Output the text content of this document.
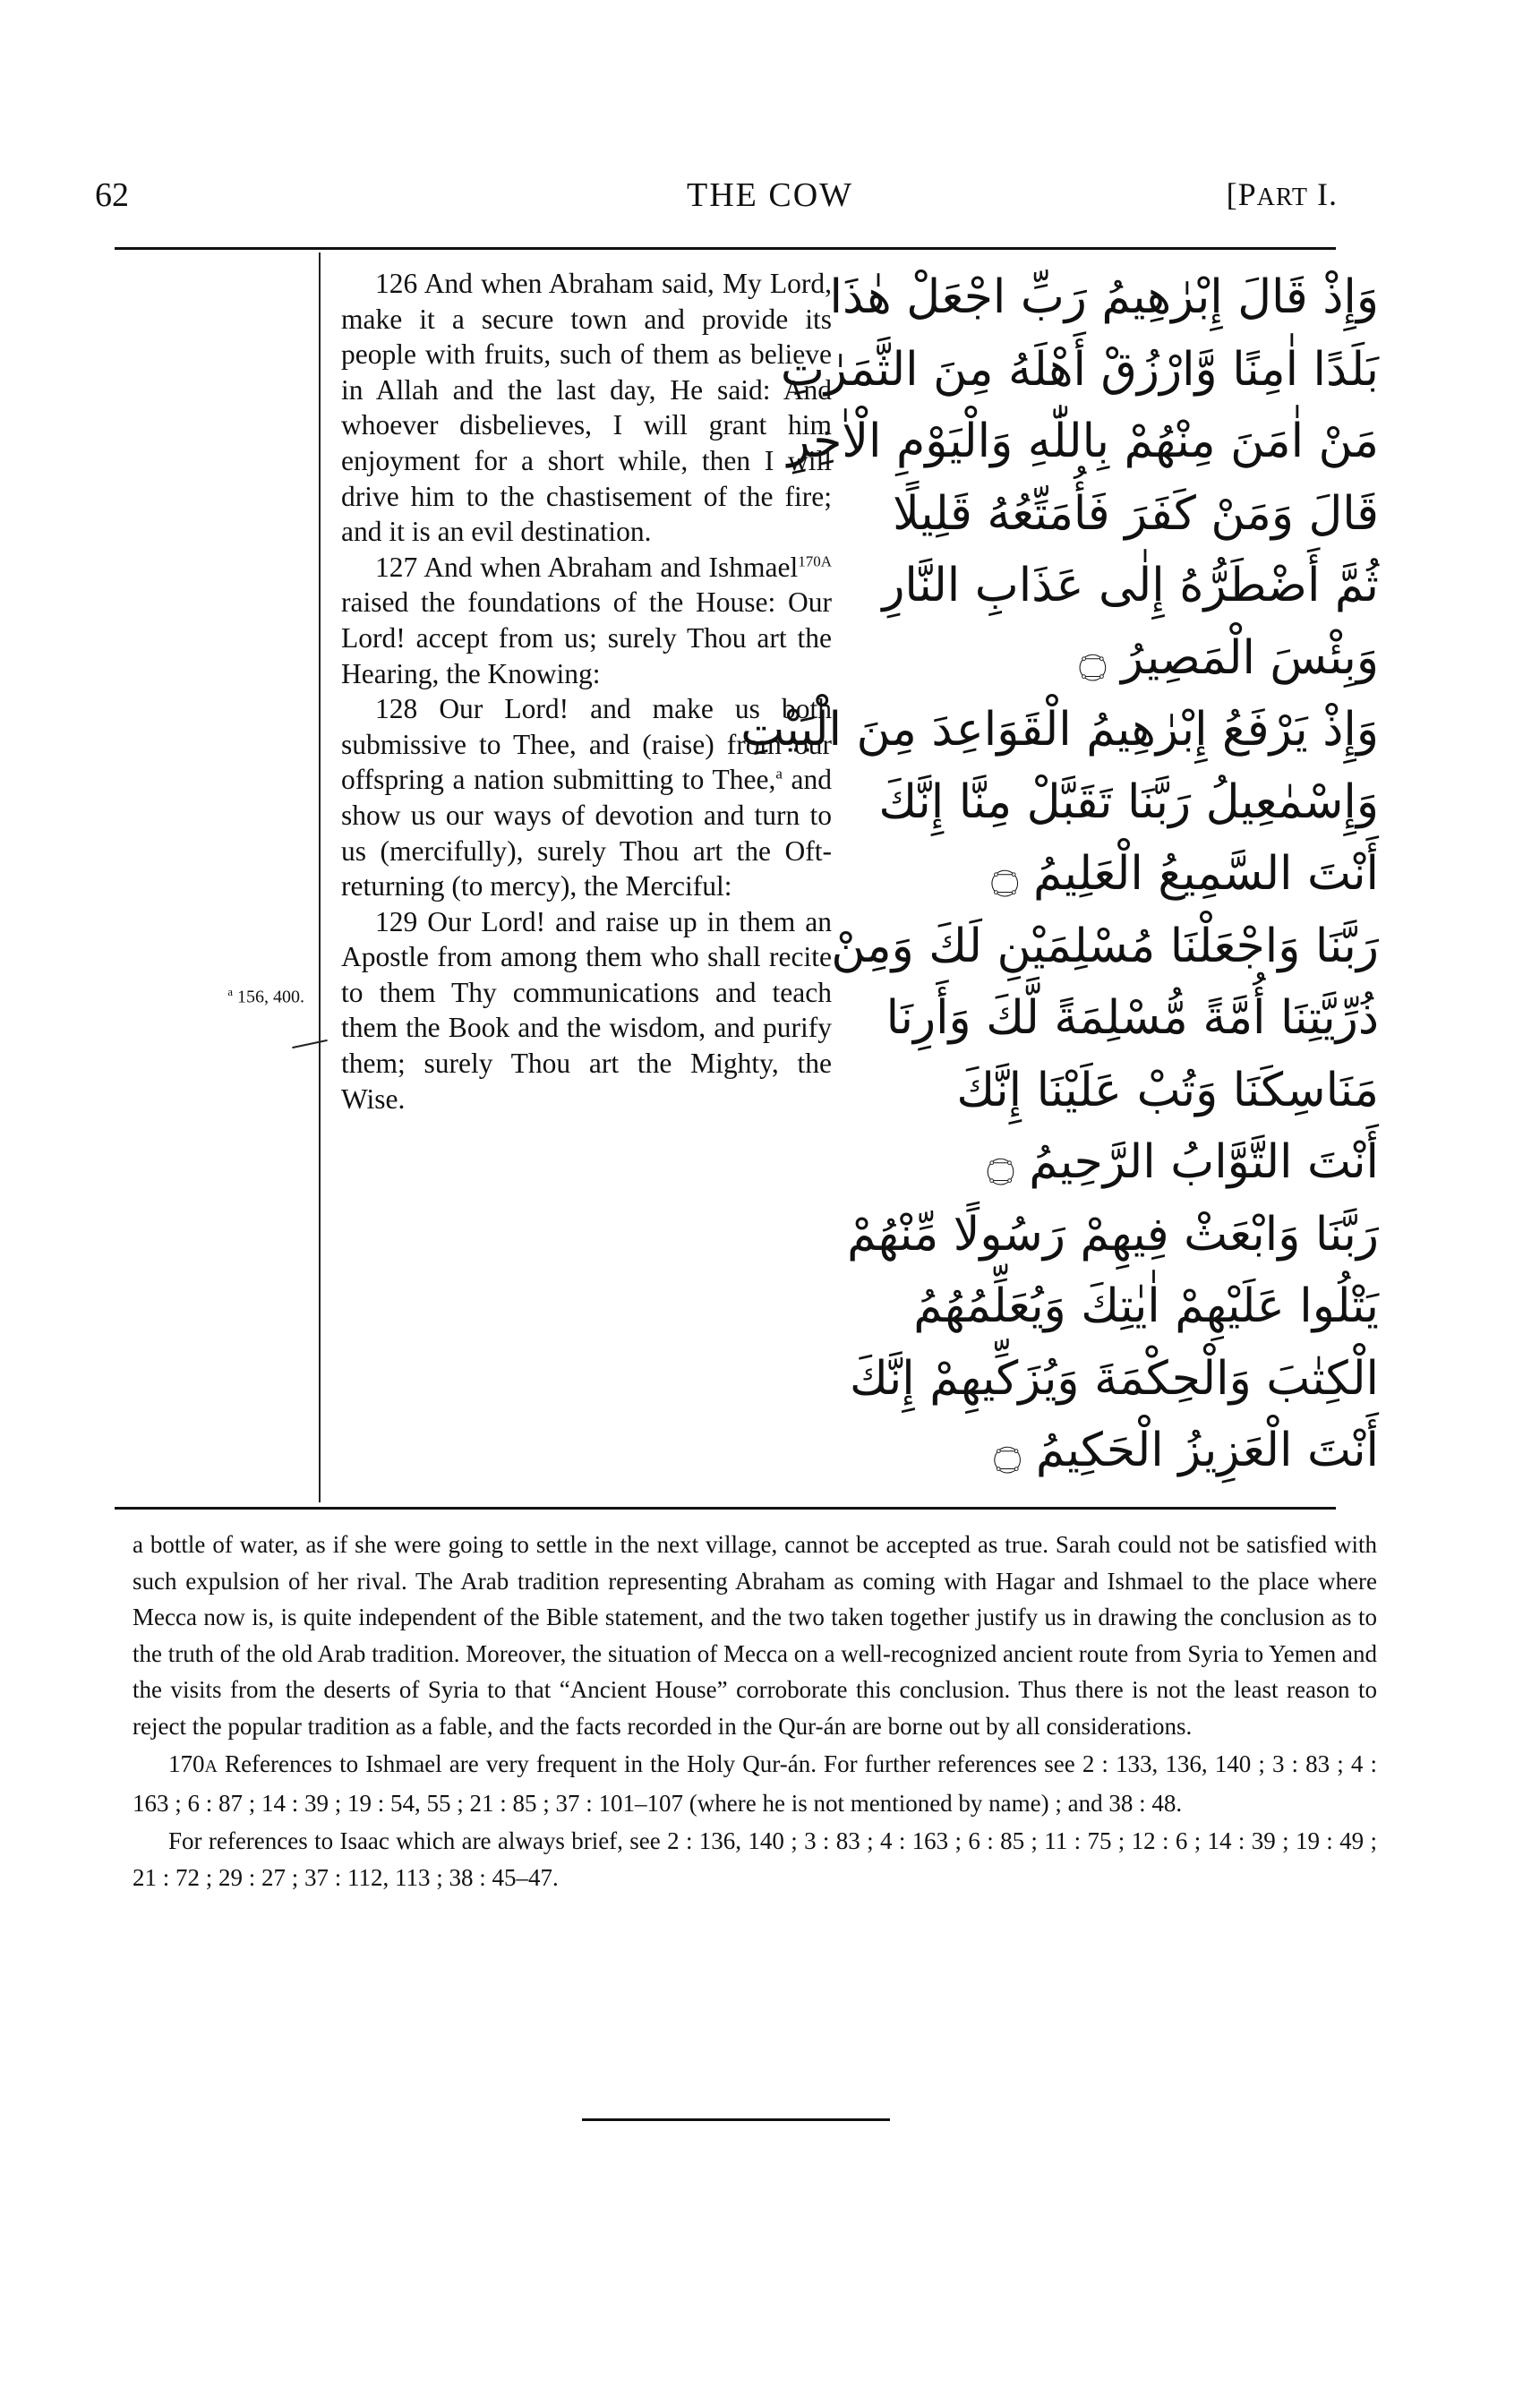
62	THE COW	[PART I.
$^a$ 156, 400.

126 And when Abraham said, My Lord, make it a secure town and provide its people with fruits, such of them as believe in Allah and the last day, He said: And whoever disbelieves, I will grant him enjoyment for a short while, then I will drive him to the chastisement of the fire; and it is an evil destination.

127 And when Abraham and Ishmael$^{170A}$ raised the foundations of the House: Our Lord! accept from us; surely Thou art the Hearing, the Knowing:

128 Our Lord! and make us both submissive to Thee, and (raise) from our offspring a nation submitting to Thee,$^a$ and show us our ways of devotion and turn to us (mercifully), surely Thou art the Oft-returning (to mercy), the Merciful:

129 Our Lord! and raise up in them an Apostle from among them who shall recite to them Thy communications and teach them the Book and the wisdom, and purify them; surely Thou art the Mighty, the Wise.

وَإِذْ قَالَ إِبْرٰهِيمُ رَبِّ اجْعَلْ هٰذَا
بَلَدًا اٰمِنًا وَّارْزُقْ أَهْلَهُ مِنَ الثَّمَرٰتِ
مَنْ اٰمَنَ مِنْهُمْ بِاللّٰهِ وَالْيَوْمِ الْاٰخِرِ
قَالَ وَمَنْ كَفَرَ فَأُمَتِّعُهُ قَلِيلًا
ثُمَّ أَضْطَرُّهُ إِلٰى عَذَابِ النَّارِ
وَبِئْسَ الْمَصِيرُ ۝
وَإِذْ يَرْفَعُ إِبْرٰهِيمُ الْقَوَاعِدَ مِنَ الْبَيْتِ
وَإِسْمٰعِيلُ رَبَّنَا تَقَبَّلْ مِنَّا إِنَّكَ
أَنْتَ السَّمِيعُ الْعَلِيمُ ۝
رَبَّنَا وَاجْعَلْنَا مُسْلِمَيْنِ لَكَ وَمِنْ
ذُرِّيَّتِنَا أُمَّةً مُّسْلِمَةً لَّكَ وَأَرِنَا
مَنَاسِكَنَا وَتُبْ عَلَيْنَا إِنَّكَ
أَنْتَ التَّوَّابُ الرَّحِيمُ ۝
رَبَّنَا وَابْعَثْ فِيهِمْ رَسُولًا مِّنْهُمْ
يَتْلُوا عَلَيْهِمْ اٰيٰتِكَ وَيُعَلِّمُهُمُ
الْكِتٰبَ وَالْحِكْمَةَ وَيُزَكِّيهِمْ إِنَّكَ
أَنْتَ الْعَزِيزُ الْحَكِيمُ ۝

a bottle of water, as if she were going to settle in the next village, cannot be accepted as true. Sarah could not be satisfied with such expulsion of her rival. The Arab tradition representing Abraham as coming with Hagar and Ishmael to the place where Mecca now is, is quite independent of the Bible statement, and the two taken together justify us in drawing the conclusion as to the truth of the old Arab tradition. Moreover, the situation of Mecca on a well-recognized ancient route from Syria to Yemen and the visits from the deserts of Syria to that “Ancient House” corroborate this conclusion. Thus there is not the least reason to reject the popular tradition as a fable, and the facts recorded in the Qur-án are borne out by all considerations.

170A References to Ishmael are very frequent in the Holy Qur-án. For further references see 2 : 133, 136, 140 ; 3 : 83 ; 4 : 163 ; 6 : 87 ; 14 : 39 ; 19 : 54, 55 ; 21 : 85 ; 37 : 101–107 (where he is not mentioned by name) ; and 38 : 48.

For references to Isaac which are always brief, see 2 : 136, 140 ; 3 : 83 ; 4 : 163 ; 6 : 85 ; 11 : 75 ; 12 : 6 ; 14 : 39 ; 19 : 49 ; 21 : 72 ; 29 : 27 ; 37 : 112, 113 ; 38 : 45–47.
